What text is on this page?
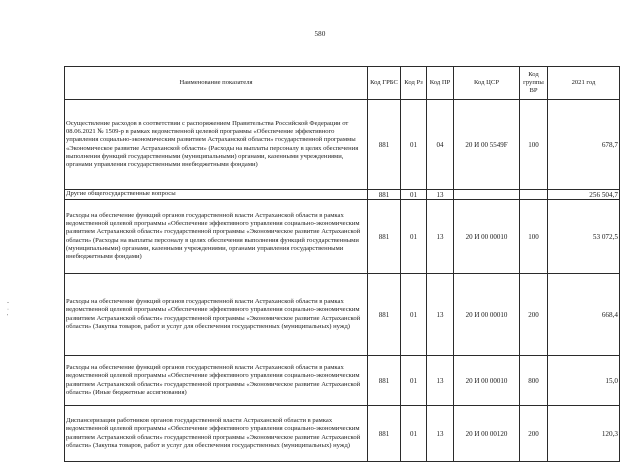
580
-
·
'
Наименование показателя	Код ГРБС	Код Рз	Код ПР	Код ЦСР	Код группы ВР	2021 год
Осуществление расходов в соответствии с распоряжением Правительства Российской Федерации от 08.06.2021 № 1509-р в рамках ведомственной целевой программы «Обеспечение эффективного управления социально-экономическим развитием Астраханской области» государственной программы «Экономическое развитие Астраханской области» (Расходы на выплаты персоналу в целях обеспечения выполнения функций государственными (муниципальными) органами, казенными учреждениями, органами управления государственными внебюджетными фондами)	881	01	04	20 И 00 5549F	100	678,7
Другие общегосударственные вопросы	881	01	13			256 504,7
Расходы на обеспечение функций органов государственной власти Астраханской области в рамках ведомственной целевой программы «Обеспечение эффективного управления социально-экономическим развитием Астраханской области» государственной программы «Экономическое развитие Астраханской области» (Расходы на выплаты персоналу в целях обеспечения выполнения функций государственными (муниципальными) органами, казенными учреждениями, органами управления государственными внебюджетными фондами)	881	01	13	20 И 00 00010	100	53 072,5
Расходы на обеспечение функций органов государственной власти Астраханской области в рамках ведомственной целевой программы «Обеспечение эффективного управления социально-экономическим развитием Астраханской области» государственной программы «Экономическое развитие Астраханской области» (Закупка товаров, работ и услуг для обеспечения государственных (муниципальных) нужд)	881	01	13	20 И 00 00010	200	668,4
Расходы на обеспечение функций органов государственной власти Астраханской области в рамках ведомственной целевой программы «Обеспечение эффективного управления социально-экономическим развитием Астраханской области» государственной программы «Экономическое развитие Астраханской области» (Иные бюджетные ассигнования)	881	01	13	20 И 00 00010	800	15,0
Диспансеризация работников органов государственной власти Астраханской области в рамках ведомственной целевой программы «Обеспечение эффективного управления социально-экономическим развитием Астраханской области» государственной программы «Экономическое развитие Астраханской области» (Закупка товаров, работ и услуг для обеспечения государственных (муниципальных) нужд)	881	01	13	20 И 00 00120	200	120,3
